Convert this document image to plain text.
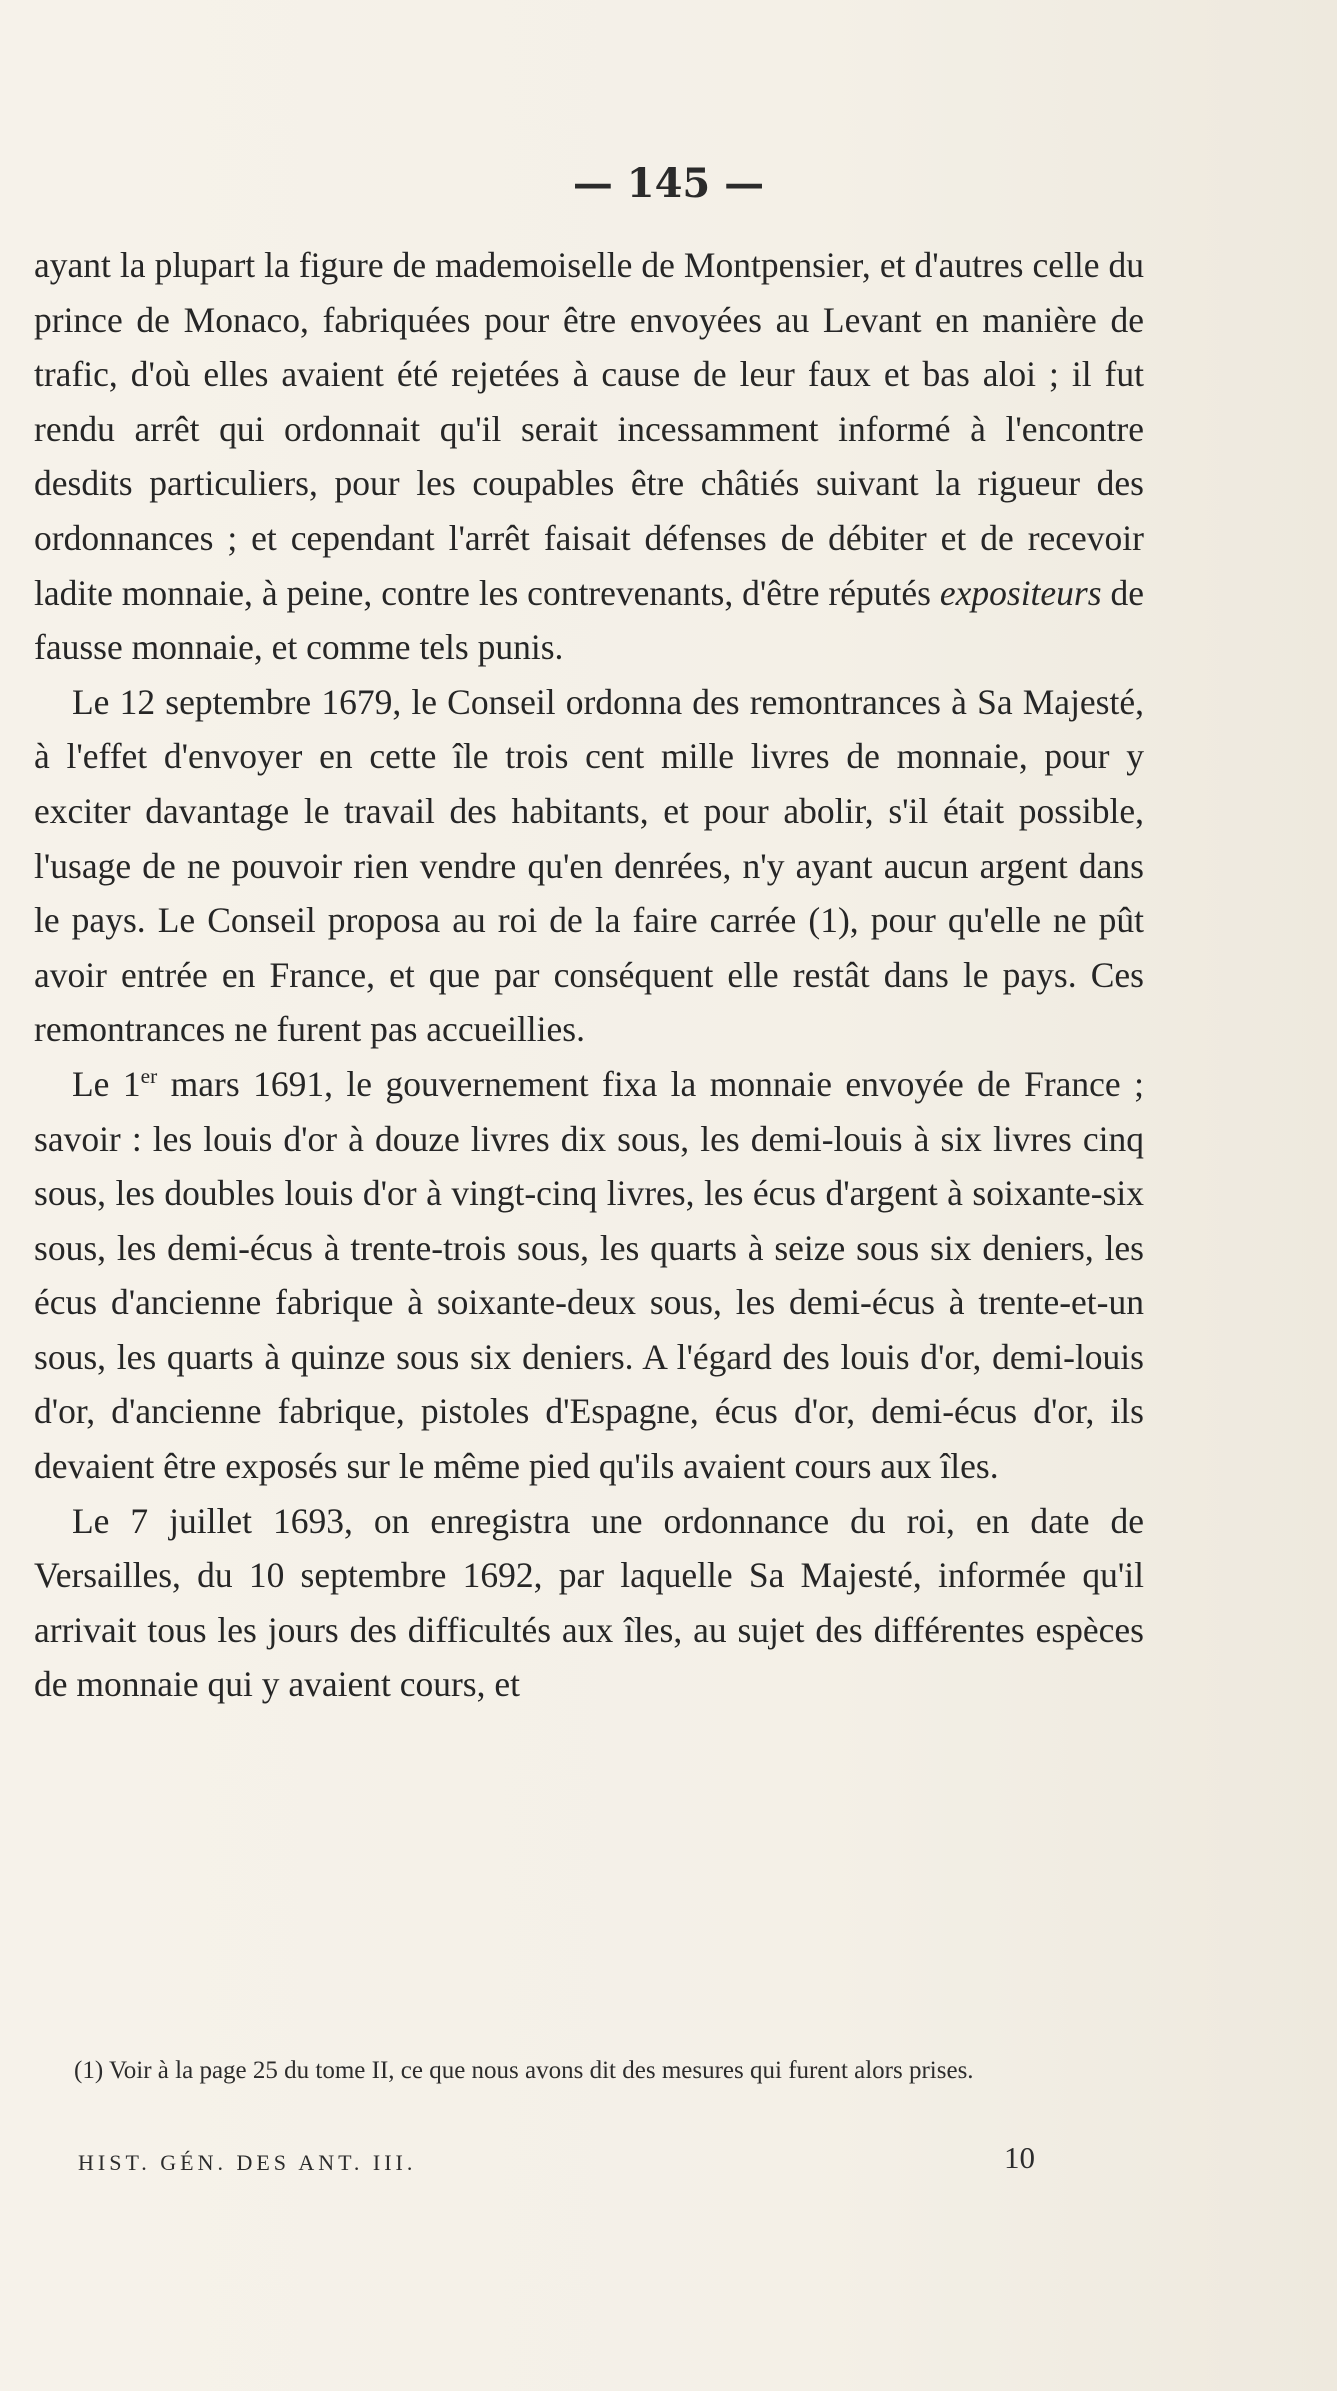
— 145 —

ayant la plupart la figure de mademoiselle de Montpensier, et d'autres celle du prince de Monaco, fabriquées pour être envoyées au Levant en manière de trafic, d'où elles avaient été rejetées à cause de leur faux et bas aloi ; il fut rendu arrêt qui ordonnait qu'il serait incessamment informé à l'encontre desdits particuliers, pour les coupables être châtiés suivant la rigueur des ordonnances ; et cependant l'arrêt faisait défenses de débiter et de recevoir ladite monnaie, à peine, contre les contrevenants, d'être réputés expositeurs de fausse monnaie, et comme tels punis.

Le 12 septembre 1679, le Conseil ordonna des remontrances à Sa Majesté, à l'effet d'envoyer en cette île trois cent mille livres de monnaie, pour y exciter davantage le travail des habitants, et pour abolir, s'il était possible, l'usage de ne pouvoir rien vendre qu'en denrées, n'y ayant aucun argent dans le pays. Le Conseil proposa au roi de la faire carrée (1), pour qu'elle ne pût avoir entrée en France, et que par conséquent elle restât dans le pays. Ces remontrances ne furent pas accueillies.

Le 1er mars 1691, le gouvernement fixa la monnaie envoyée de France ; savoir : les louis d'or à douze livres dix sous, les demi-louis à six livres cinq sous, les doubles louis d'or à vingt-cinq livres, les écus d'argent à soixante-six sous, les demi-écus à trente-trois sous, les quarts à seize sous six deniers, les écus d'ancienne fabrique à soixante-deux sous, les demi-écus à trente-et-un sous, les quarts à quinze sous six deniers. A l'égard des louis d'or, demi-louis d'or, d'ancienne fabrique, pistoles d'Espagne, écus d'or, demi-écus d'or, ils devaient être exposés sur le même pied qu'ils avaient cours aux îles.

Le 7 juillet 1693, on enregistra une ordonnance du roi, en date de Versailles, du 10 septembre 1692, par laquelle Sa Majesté, informée qu'il arrivait tous les jours des difficultés aux îles, au sujet des différentes espèces de monnaie qui y avaient cours, et

(1) Voir à la page 25 du tome II, ce que nous avons dit des mesures qui furent alors prises.

HIST. GÉN. DES ANT. III.	10
